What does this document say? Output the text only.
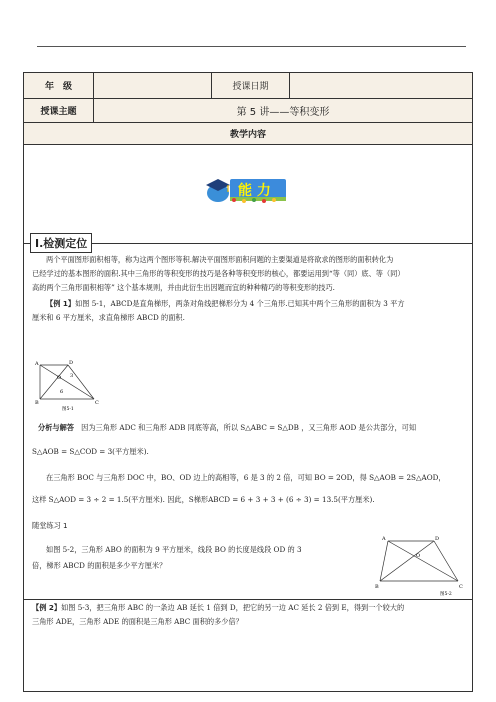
年　级	授课日期
授课主题	第 5 讲——等积变形
教学内容
能 力
Ⅰ.检测定位
两个平面图形面积相等，称为这两个图形等积.解决平面图形面积问题的主要渠道是将欲求的图形的面积转化为
已经学过的基本图形的面积.其中三角形的等积变形的技巧是各种等积变形的核心，都要运用到“等（同）底、等（同）
高的两个三角形面积相等” 这个基本规则，并由此衍生出因题而宜的种种精巧的等积变形的技巧.
【例 1】如图 5-1，ABCD是直角梯形，两条对角线把梯形分为 4 个三角形.已知其中两个三角形的面积为 3 平方
厘米和 6 平方厘米，求直角梯形 ABCD 的面积.
A	D
O
B	C
3
6
图5-1
分析与解答　 因为三角形 ADC 和三角形 ADB 同底等高，所以 S△ABC = S△DB ，又三角形 AOD 是公共部分，可知
S△AOB = S△COD = 3(平方厘米).
在三角形 BOC 与三角形 DOC 中，BO、OD 边上的高相等，6 是 3 的 2 倍，可知 BO = 2OD，得 S△AOB = 2S△AOD，
这样 S△AOD = 3 ÷ 2 = 1.5(平方厘米). 因此，S梯形ABCD = 6 + 3 + 3 + (6 ÷ 3) = 13.5(平方厘米).
随堂练习 1
如图 5-2，三角形 ABO 的面积为 9 平方厘米，线段 BO 的长度是线段 OD 的 3
倍，梯形 ABCD 的面积是多少平方厘米？
A	D
O
B	C
图5-2
【例 2】如图 5-3，把三角形 ABC 的一条边 AB 延长 1 倍到 D，把它的另一边 AC 延长 2 倍到 E，得到一个较大的
三角形 ADE，三角形 ADE 的面积是三角形 ABC 面积的多少倍？
